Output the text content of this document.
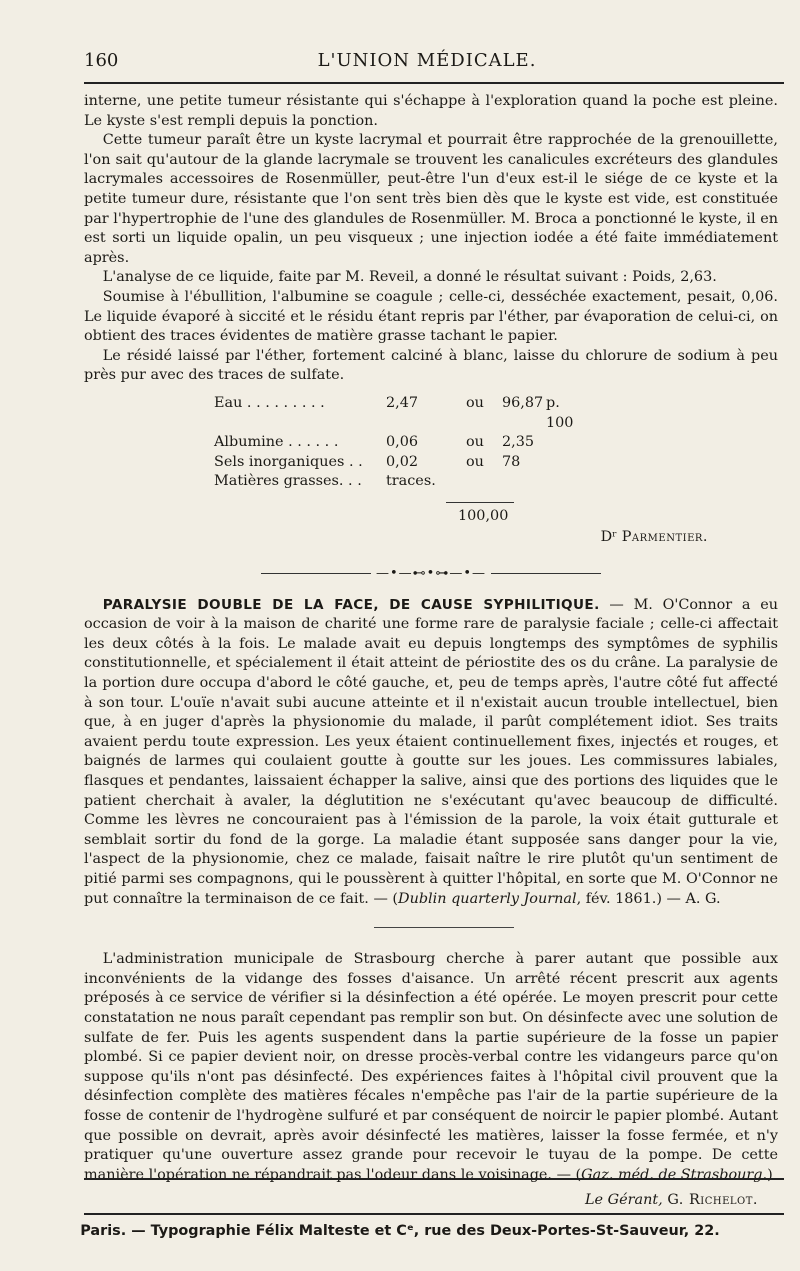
160	L'UNION MÉDICALE.

interne, une petite tumeur résistante qui s'échappe à l'exploration quand la poche est pleine. Le kyste s'est rempli depuis la ponction.

Cette tumeur paraît être un kyste lacrymal et pourrait être rapprochée de la grenouillette, l'on sait qu'autour de la glande lacrymale se trouvent les canalicules excréteurs des glandules lacrymales accessoires de Rosenmüller, peut-être l'un d'eux est-il le siége de ce kyste et la petite tumeur dure, résistante que l'on sent très bien dès que le kyste est vide, est constituée par l'hypertrophie de l'une des glandules de Rosenmüller. M. Broca a ponctionné le kyste, il en est sorti un liquide opalin, un peu visqueux ; une injection iodée a été faite immédiatement après.

L'analyse de ce liquide, faite par M. Reveil, a donné le résultat suivant : Poids, 2,63.

Soumise à l'ébullition, l'albumine se coagule ; celle-ci, desséchée exactement, pesait, 0,06. Le liquide évaporé à siccité et le résidu étant repris par l'éther, par évaporation de celui-ci, on obtient des traces évidentes de matière grasse tachant le papier.

Le résidé laissé par l'éther, fortement calciné à blanc, laisse du chlorure de sodium à peu près pur avec des traces de sulfate.

Eau . . . . . . . . .	2,47	ou	96,87 p. 100
Albumine . . . . . .	0,06	ou	2,35
Sels inorganiques . .	0,02	ou	78
Matières grasses. . .	traces.
100,00
Dʳ Parmentier.
—•—⊷•⊶—•—

PARALYSIE DOUBLE DE LA FACE, DE CAUSE SYPHILITIQUE. — M. O'Connor a eu occasion de voir à la maison de charité une forme rare de paralysie faciale ; celle-ci affectait les deux côtés à la fois. Le malade avait eu depuis longtemps des symptômes de syphilis constitutionnelle, et spécialement il était atteint de périostite des os du crâne. La paralysie de la portion dure occupa d'abord le côté gauche, et, peu de temps après, l'autre côté fut affecté à son tour. L'ouïe n'avait subi aucune atteinte et il n'existait aucun trouble intellectuel, bien que, à en juger d'après la physionomie du malade, il parût complétement idiot. Ses traits avaient perdu toute expression. Les yeux étaient continuellement fixes, injectés et rouges, et baignés de larmes qui coulaient goutte à goutte sur les joues. Les commissures labiales, flasques et pendantes, laissaient échapper la salive, ainsi que des portions des liquides que le patient cherchait à avaler, la déglutition ne s'exécutant qu'avec beaucoup de difficulté. Comme les lèvres ne concouraient pas à l'émission de la parole, la voix était gutturale et semblait sortir du fond de la gorge. La maladie étant supposée sans danger pour la vie, l'aspect de la physionomie, chez ce malade, faisait naître le rire plutôt qu'un sentiment de pitié parmi ses compagnons, qui le poussèrent à quitter l'hôpital, en sorte que M. O'Connor ne put connaître la terminaison de ce fait. — (Dublin quarterly Journal, fév. 1861.) — A. G.

L'administration municipale de Strasbourg cherche à parer autant que possible aux inconvénients de la vidange des fosses d'aisance. Un arrêté récent prescrit aux agents préposés à ce service de vérifier si la désinfection a été opérée. Le moyen prescrit pour cette constatation ne nous paraît cependant pas remplir son but. On désinfecte avec une solution de sulfate de fer. Puis les agents suspendent dans la partie supérieure de la fosse un papier plombé. Si ce papier devient noir, on dresse procès-verbal contre les vidangeurs parce qu'on suppose qu'ils n'ont pas désinfecté. Des expériences faites à l'hôpital civil prouvent que la désinfection complète des matières fécales n'empêche pas l'air de la partie supérieure de la fosse de contenir de l'hydrogène sulfuré et par conséquent de noircir le papier plombé. Autant que possible on devrait, après avoir désinfecté les matières, laisser la fosse fermée, et n'y pratiquer qu'une ouverture assez grande pour recevoir le tuyau de la pompe. De cette manière l'opération ne répandrait pas l'odeur dans le voisinage. — (Gaz. méd. de Strasbourg.)

Le Gérant, G. Richelot.
Paris. — Typographie Félix Malteste et Cᵉ, rue des Deux-Portes-St-Sauveur, 22.
